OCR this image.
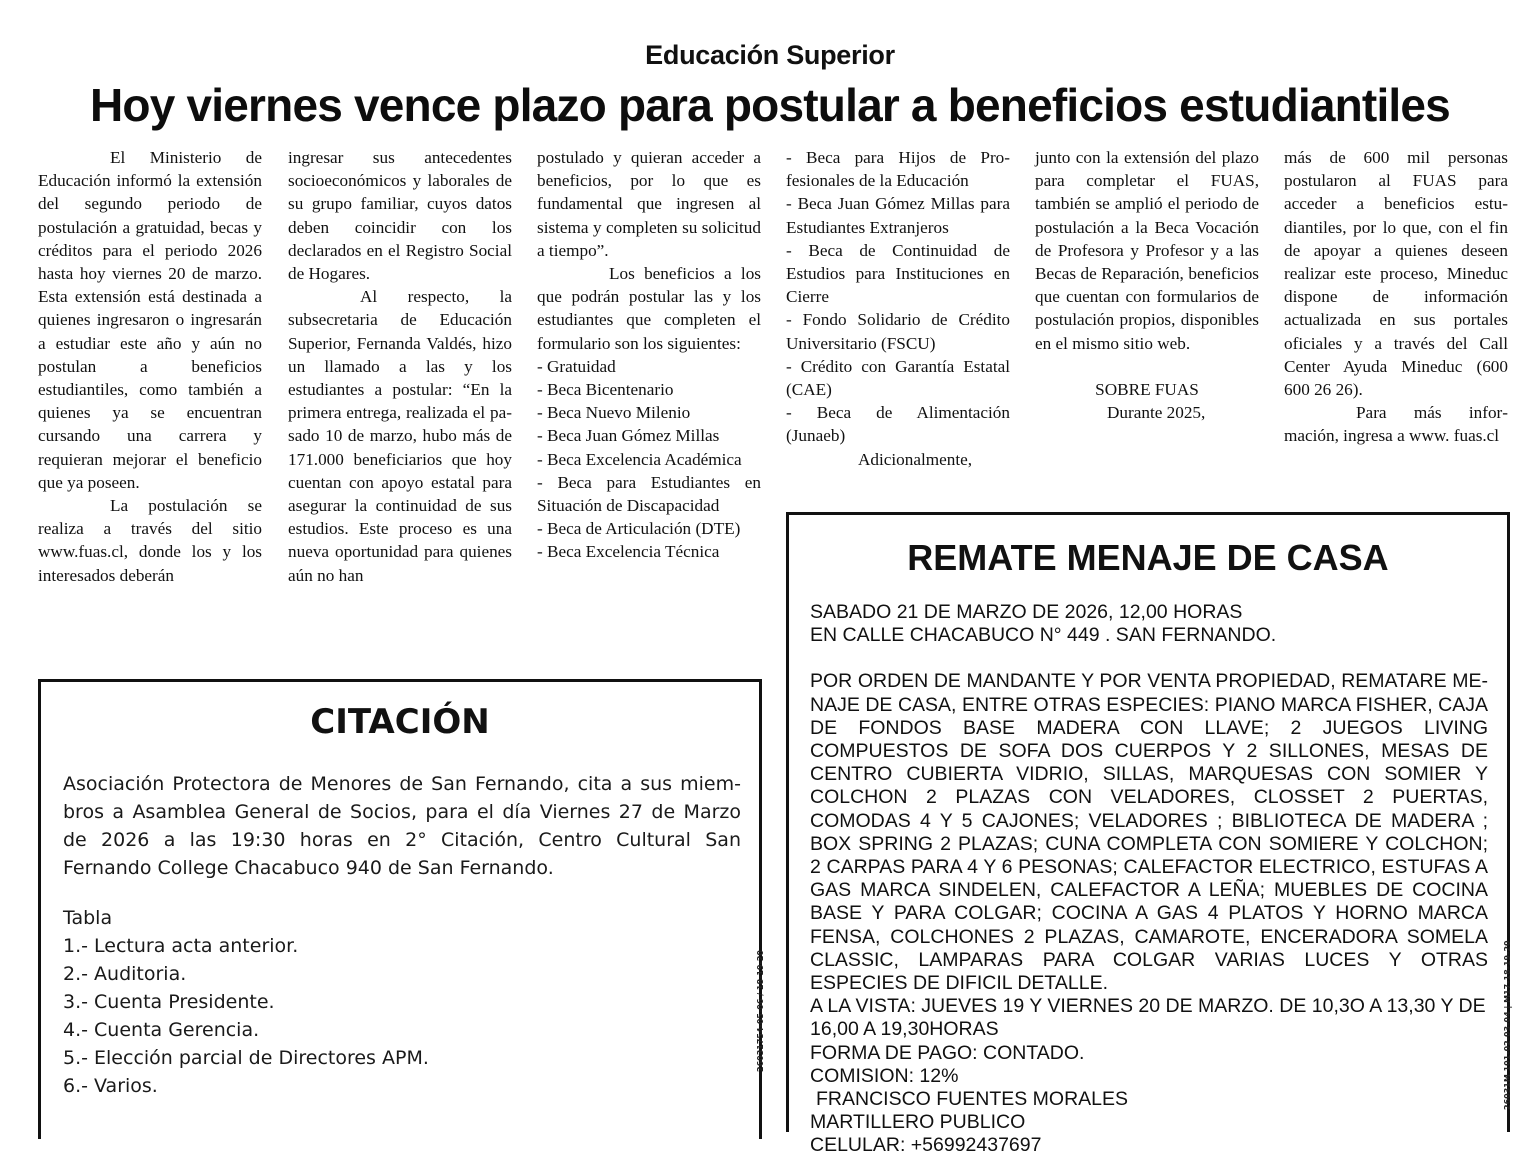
Educación Superior
Hoy viernes vence plazo para postular a beneficios estudiantiles

El Ministerio de Educación informó la extensión del segundo periodo de postulación a gratuidad, becas y créditos para el periodo 2026 hasta hoy viernes 20 de marzo. Esta extensión está destinada a quienes ingresaron o ingresarán a estudiar este año y aún no postulan a beneficios estudiantiles, como también a quienes ya se encuentran cursando una carrera y requieran mejorar el beneficio que ya poseen.

La postulación se realiza a través del sitio www.fuas.cl, donde los y los interesados deberán

ingresar sus antecedentes socioeconómicos y laborales de su grupo familiar, cuyos datos deben coincidir con los declarados en el Registro Social de Hogares.

Al respecto, la subsecretaria de Educación Superior, Fernanda Valdés, hizo un llamado a las y los estudiantes a postular: “En la primera entrega, realizada el pasado 10 de marzo, hubo más de 171.000 beneficiarios que hoy cuentan con apoyo estatal para asegurar la continuidad de sus estudios. Este proceso es una nueva oportunidad para quienes aún no han

postulado y quieran acceder a beneficios, por lo que es fundamental que ingresen al sistema y completen su solicitud a tiempo”.

Los beneficios a los que podrán postular las y los estudiantes que completen el formulario son los siguientes:

- Gratuidad
- Beca Bicentenario
- Beca Nuevo Milenio
- Beca Juan Gómez Millas

- Beca Excelencia Académica

- Beca para Estudiantes en Situación de Discapacidad

- Beca de Articulación (DTE)

- Beca Excelencia Técnica

- Beca para Hijos de Profesionales de la Educación

- Beca Juan Gómez Millas para Estudiantes Extranjeros

- Beca de Continuidad de Estudios para Instituciones en Cierre

- Fondo Solidario de Crédito Universitario (FSCU)

- Crédito con Garantía Estatal (CAE)

- Beca de Alimentación (Junaeb)

Adicionalmente,

junto con la extensión del plazo para completar el FUAS, también se amplió el periodo de postulación a la Beca Vocación de Profesora y Profesor y a las Becas de Reparación, beneficios que cuentan con formularios de postulación propios, disponibles en el mismo sitio web.

SOBRE FUAS

Durante 2025,

más de 600 mil personas postularon al FUAS para acceder a beneficios estudiantiles, por lo que, con el fin de apoyar a quienes deseen realizar este proceso, Mineduc dispone de información actualizada en sus portales oficiales y a través del Call Center Ayuda Mineduc (600 600 26 26).

Para más información, ingresa a www. fuas.cl

CITACIÓN

Asociación Protectora de Menores de San Fernando, cita a sus miembros a Asamblea General de Socios, para el día Viernes 27 de Marzo de 2026 a las 19:30 horas en 2° Citación, Centro Cultural San Fernando College Chacabuco 940 de San Fernando.

Tabla
1.- Lectura acta anterior.
2.- Auditoria.
3.- Cuenta Presidente.
4.- Cuenta Gerencia.
5.- Elección parcial de Directores APM.
6.- Varios.
26031754-05-06 / 18-19-20
REMATE MENAJE DE CASA

SABADO 21 DE MARZO DE 2026, 12,00 HORAS

EN CALLE CHACABUCO N° 449 . SAN FERNANDO.

POR ORDEN DE MANDANTE Y POR VENTA PROPIEDAD, REMATARE MENAJE DE CASA, ENTRE OTRAS ESPECIES: PIANO MARCA FISHER, CAJA DE FONDOS BASE MADERA CON LLAVE; 2 JUEGOS LIVING COMPUESTOS DE SOFA DOS CUERPOS Y 2 SILLONES, MESAS DE CENTRO CUBIERTA VIDRIO, SILLAS, MARQUESAS CON SOMIER Y COLCHON 2 PLAZAS CON VELADORES, CLOSSET 2 PUERTAS, COMODAS 4 Y 5 CAJONES; VELADORES ; BIBLIOTECA DE MADERA ; BOX SPRING 2 PLAZAS; CUNA COMPLETA CON SOMIERE Y COLCHON; 2 CARPAS PARA 4 Y 6 PESONAS; CALEFACTOR ELECTRICO, ESTUFAS A GAS MARCA SINDELEN, CALEFACTOR A LEÑA; MUEBLES DE COCINA BASE Y PARA COLGAR; COCINA A GAS 4 PLATOS Y HORNO MARCA FENSA, COLCHONES 2 PLAZAS, CAMAROTE, ENCERADORA SOMELA CLASSIC, LAMPARAS PARA COLGAR VARIAS LUCES Y OTRAS ESPECIES DE DIFICIL DETALLE.

A LA VISTA: JUEVES 19 Y VIERNES 20 DE MARZO. DE 10,3O A 13,30 Y DE 16,00 A 19,30HORAS

FORMA DE PAGO: CONTADO.

COMISION: 12%

FRANCISCO FUENTES MORALES

MARTILLERO PUBLICO

CELULAR: +56992437697

26031M 101-02-03-04 | M17-18-19-20
